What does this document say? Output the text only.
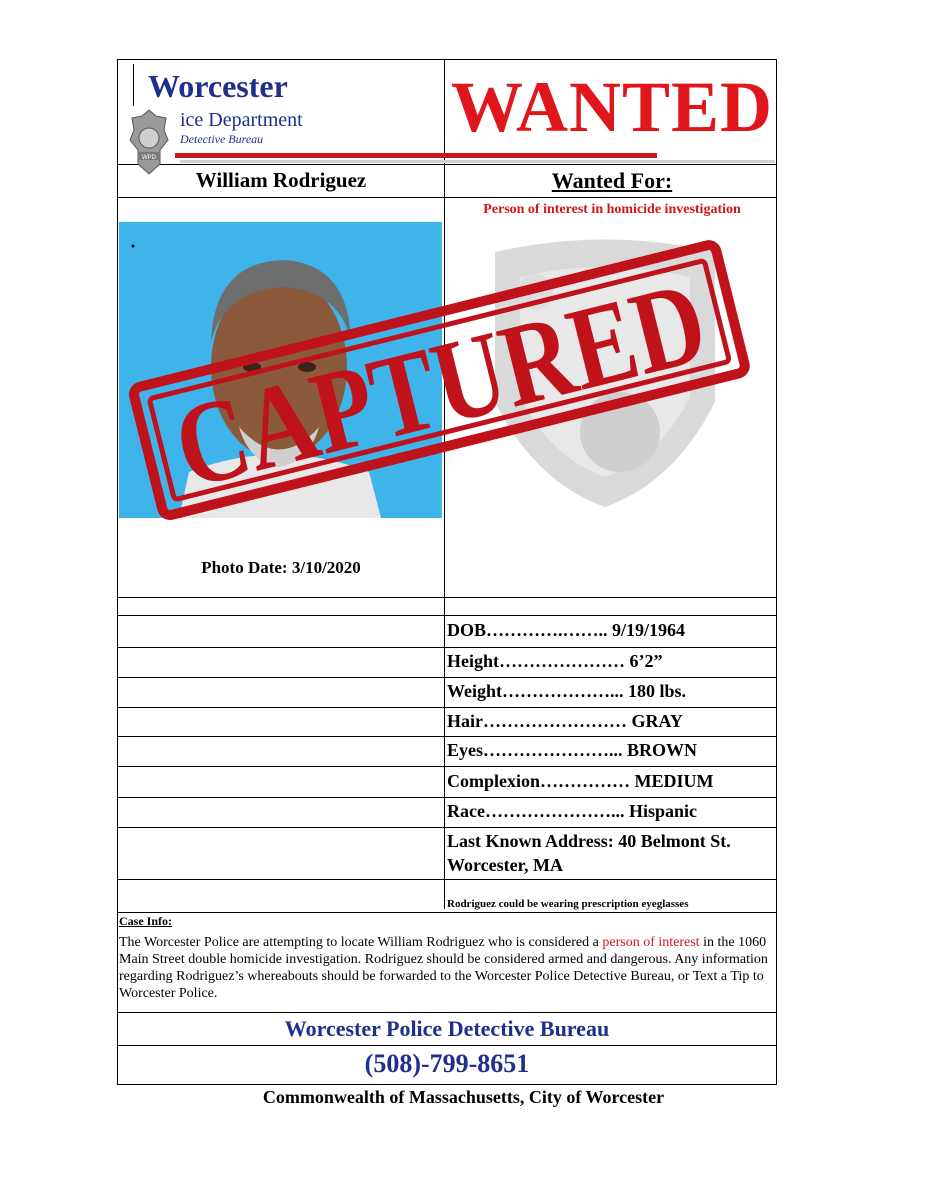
WPD
Worcester
ice Department
Detective Bureau	WANTED
William Rodriguez	Wanted For:
Person of interest in homicide investigation
Photo Date: 3/10/2020
CAPTURED
DOB………….…….. 9/19/1964
Height………………… 6’2”
Weight………………... 180 lbs.
Hair…………………… GRAY
Eyes…………………... BROWN
Complexion…………… MEDIUM
Race…………………... Hispanic
Last Known Address: 40 Belmont St.
Worcester, MA
Rodriguez could be wearing prescription eyeglasses
Case Info:
The Worcester Police are attempting to locate William Rodriguez who is considered a person of interest in the 1060 Main Street double homicide investigation. Rodriguez should be considered armed and dangerous. Any information regarding Rodriguez’s whereabouts should be forwarded to the Worcester Police Detective Bureau, or Text a Tip to Worcester Police.
Worcester Police Detective Bureau
(508)-799-8651
Commonwealth of Massachusetts, City of Worcester
